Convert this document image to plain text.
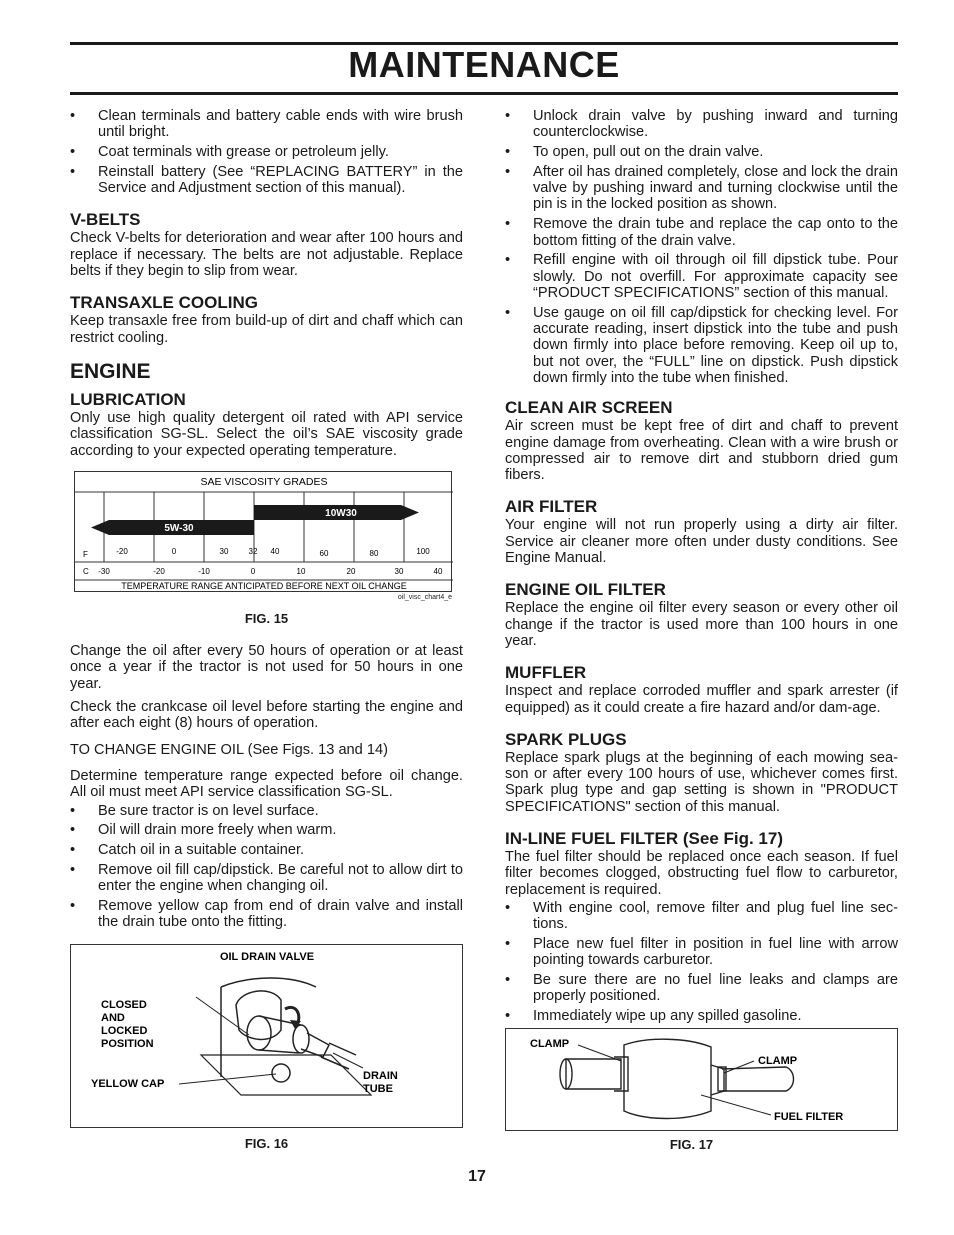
MAINTENANCE
• Clean terminals and battery cable ends with wire brush until bright.
• Coat terminals with grease or petroleum jelly.
• Reinstall battery (See “REPLACING BATTERY” in the Service and Adjustment section of this manual).
V-BELTS

Check V-belts for deterioration and wear after 100 hours and replace if necessary. The belts are not adjustable. Replace belts if they begin to slip from wear.

TRANSAXLE COOLING

Keep transaxle free from build-up of dirt and chaff which can restrict cooling.

ENGINE
LUBRICATION

Only use high quality detergent oil rated with API service classification SG-SL. Select the oil’s SAE viscosity grade according to your expected operating temperature.

10W30
5W-30
SAE VISCOSITY GRADES
F	-20	0	30	32 40	60	80	100
C -30	-20	-10	0	10	20	30	40
TEMPERATURE RANGE ANTICIPATED BEFORE NEXT OIL CHANGE
oil_visc_chart4_e
FIG. 15

Change the oil after every 50 hours of operation or at least once a year if the tractor is not used for 50 hours in one year.

Check the crankcase oil level before starting the engine and after each eight (8) hours of operation.

TO CHANGE ENGINE OIL (See Figs. 13 and 14)

Determine temperature range expected before oil change. All oil must meet API service classification SG-SL.

• Be sure tractor is on level surface.
• Oil will drain more freely when warm.
• Catch oil in a suitable container.
• Remove oil fill cap/dipstick. Be careful not to allow dirt to enter the engine when changing oil.
• Remove yellow cap from end of drain valve and install the drain tube onto the fitting.
OIL DRAIN VALVE
CLOSED
AND
LOCKED
POSITION
YELLOW CAP
DRAIN
TUBE
FIG. 16
• Unlock drain valve by pushing inward and turning counterclockwise.
• To open, pull out on the drain valve.
• After oil has drained completely, close and lock the drain valve by pushing inward and turning clockwise until the pin is in the locked position as shown.
• Remove the drain tube and replace the cap onto to the bottom fitting of the drain valve.
• Refill engine with oil through oil fill dipstick tube. Pour slowly. Do not overfill. For approximate capacity see “PRODUCT SPECIFICATIONS” section of this manual.
• Use gauge on oil fill cap/dipstick for checking level. For accurate reading, insert dipstick into the tube and push down firmly into place before removing. Keep oil up to, but not over, the “FULL” line on dipstick. Push dipstick down firmly into the tube when finished.
CLEAN AIR SCREEN

Air screen must be kept free of dirt and chaff to prevent engine damage from overheating. Clean with a wire brush or compressed air to remove dirt and stubborn dried gum fibers.

AIR FILTER

Your engine will not run properly using a dirty air filter. Service air cleaner more often under dusty conditions. See Engine Manual.

ENGINE OIL FILTER

Replace the engine oil filter every season or every other oil change if the tractor is used more than 100 hours in one year.

MUFFLER

Inspect and replace corroded muffler and spark arrester (if equipped) as it could create a fire hazard and/or dam-age.

SPARK PLUGS

Replace spark plugs at the beginning of each mowing sea-son or after every 100 hours of use, whichever comes first. Spark plug type and gap setting is shown in "PRODUCT SPECIFICATIONS" section of this manual.

IN-LINE FUEL FILTER (See Fig. 17)

The fuel filter should be replaced once each season. If fuel filter becomes clogged, obstructing fuel flow to carburetor, replacement is required.

• With engine cool, remove filter and plug fuel line sec-tions.
• Place new fuel filter in position in fuel line with arrow pointing towards carburetor.
• Be sure there are no fuel line leaks and clamps are properly positioned.
• Immediately wipe up any spilled gasoline.
CLAMP
CLAMP
FUEL FILTER
FIG. 17
17
